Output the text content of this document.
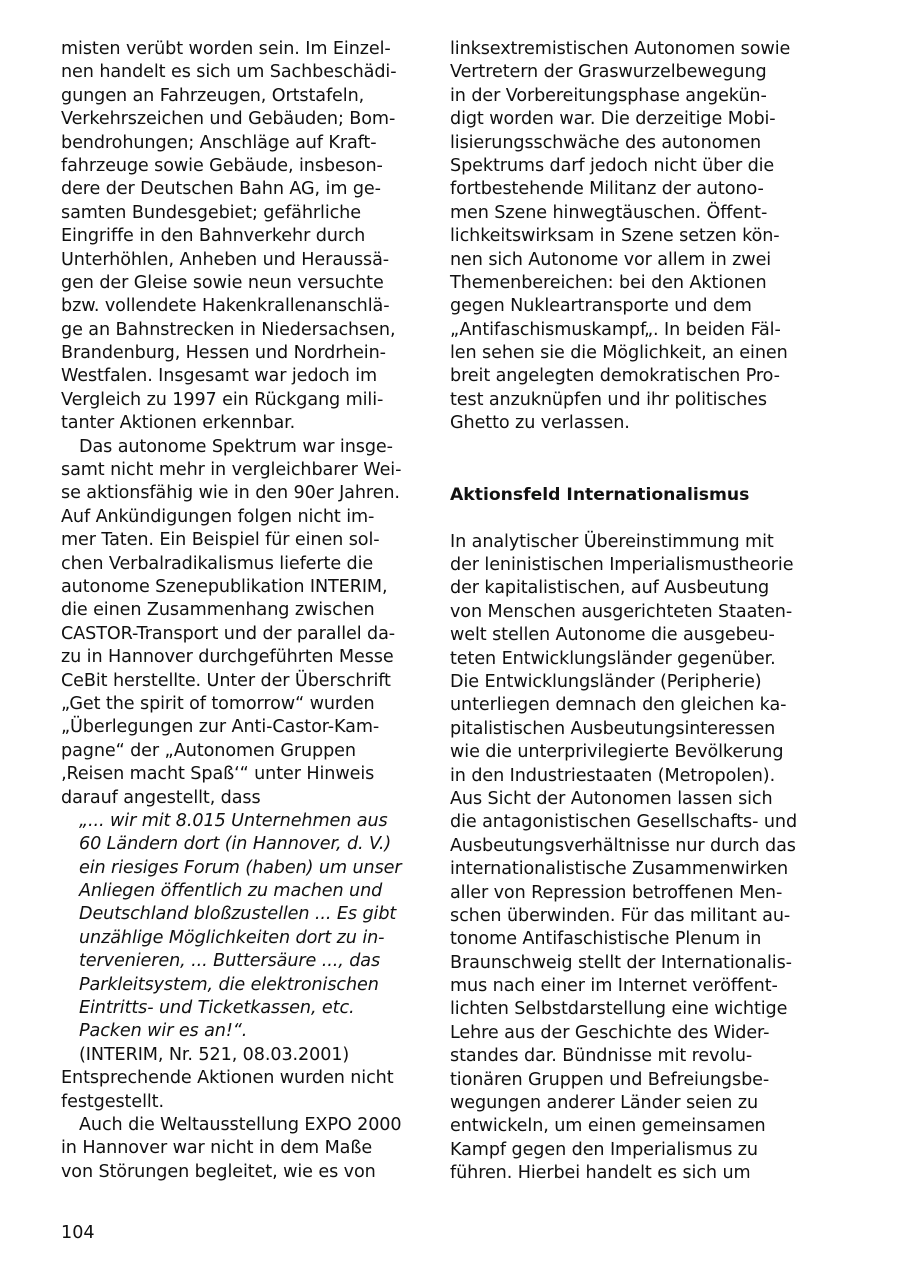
misten verübt worden sein. Im Einzel-
nen handelt es sich um Sachbeschädi-
gungen an Fahrzeugen, Ortstafeln,
Verkehrszeichen und Gebäuden; Bom-
bendrohungen; Anschläge auf Kraft-
fahrzeuge sowie Gebäude, insbeson-
dere der Deutschen Bahn AG, im ge-
samten Bundesgebiet; gefährliche
Eingriffe in den Bahnverkehr durch
Unterhöhlen, Anheben und Heraussä-
gen der Gleise sowie neun versuchte
bzw. vollendete Hakenkrallenanschlä-
ge an Bahnstrecken in Niedersachsen,
Brandenburg, Hessen und Nordrhein-
Westfalen. Insgesamt war jedoch im
Vergleich zu 1997 ein Rückgang mili-
tanter Aktionen erkennbar.
Das autonome Spektrum war insge-
samt nicht mehr in vergleichbarer Wei-
se aktionsfähig wie in den 90er Jahren.
Auf Ankündigungen folgen nicht im-
mer Taten. Ein Beispiel für einen sol-
chen Verbalradikalismus lieferte die
autonome Szenepublikation INTERIM,
die einen Zusammenhang zwischen
CASTOR-Transport und der parallel da-
zu in Hannover durchgeführten Messe
CeBit herstellte. Unter der Überschrift
„Get the spirit of tomorrow“ wurden
„Überlegungen zur Anti-Castor-Kam-
pagne“ der „Autonomen Gruppen
‚Reisen macht Spaß‘“ unter Hinweis
darauf angestellt, dass
„... wir mit 8.015 Unternehmen aus
60 Ländern dort (in Hannover, d. V.)
ein riesiges Forum (haben) um unser
Anliegen öffentlich zu machen und
Deutschland bloßzustellen ... Es gibt
unzählige Möglichkeiten dort zu in-
tervenieren, ... Buttersäure ..., das
Parkleitsystem, die elektronischen
Eintritts- und Ticketkassen, etc.
Packen wir es an!“.
(INTERIM, Nr. 521, 08.03.2001)
Entsprechende Aktionen wurden nicht
festgestellt.
Auch die Weltausstellung EXPO 2000
in Hannover war nicht in dem Maße
von Störungen begleitet, wie es von
linksextremistischen Autonomen sowie
Vertretern der Graswurzelbewegung
in der Vorbereitungsphase angekün-
digt worden war. Die derzeitige Mobi-
lisierungsschwäche des autonomen
Spektrums darf jedoch nicht über die
fortbestehende Militanz der autono-
men Szene hinwegtäuschen. Öffent-
lichkeitswirksam in Szene setzen kön-
nen sich Autonome vor allem in zwei
Themenbereichen: bei den Aktionen
gegen Nukleartransporte und dem
„Antifaschismuskampf„. In beiden Fäl-
len sehen sie die Möglichkeit, an einen
breit angelegten demokratischen Pro-
test anzuknüpfen und ihr politisches
Ghetto zu verlassen.
Aktionsfeld Internationalismus
In analytischer Übereinstimmung mit
der leninistischen Imperialismustheorie
der kapitalistischen, auf Ausbeutung
von Menschen ausgerichteten Staaten-
welt stellen Autonome die ausgebeu-
teten Entwicklungsländer gegenüber.
Die Entwicklungsländer (Peripherie)
unterliegen demnach den gleichen ka-
pitalistischen Ausbeutungsinteressen
wie die unterprivilegierte Bevölkerung
in den Industriestaaten (Metropolen).
Aus Sicht der Autonomen lassen sich
die antagonistischen Gesellschafts- und
Ausbeutungsverhältnisse nur durch das
internationalistische Zusammenwirken
aller von Repression betroffenen Men-
schen überwinden. Für das militant au-
tonome Antifaschistische Plenum in
Braunschweig stellt der Internationalis-
mus nach einer im Internet veröffent-
lichten Selbstdarstellung eine wichtige
Lehre aus der Geschichte des Wider-
standes dar. Bündnisse mit revolu-
tionären Gruppen und Befreiungsbe-
wegungen anderer Länder seien zu
entwickeln, um einen gemeinsamen
Kampf gegen den Imperialismus zu
führen. Hierbei handelt es sich um
104
